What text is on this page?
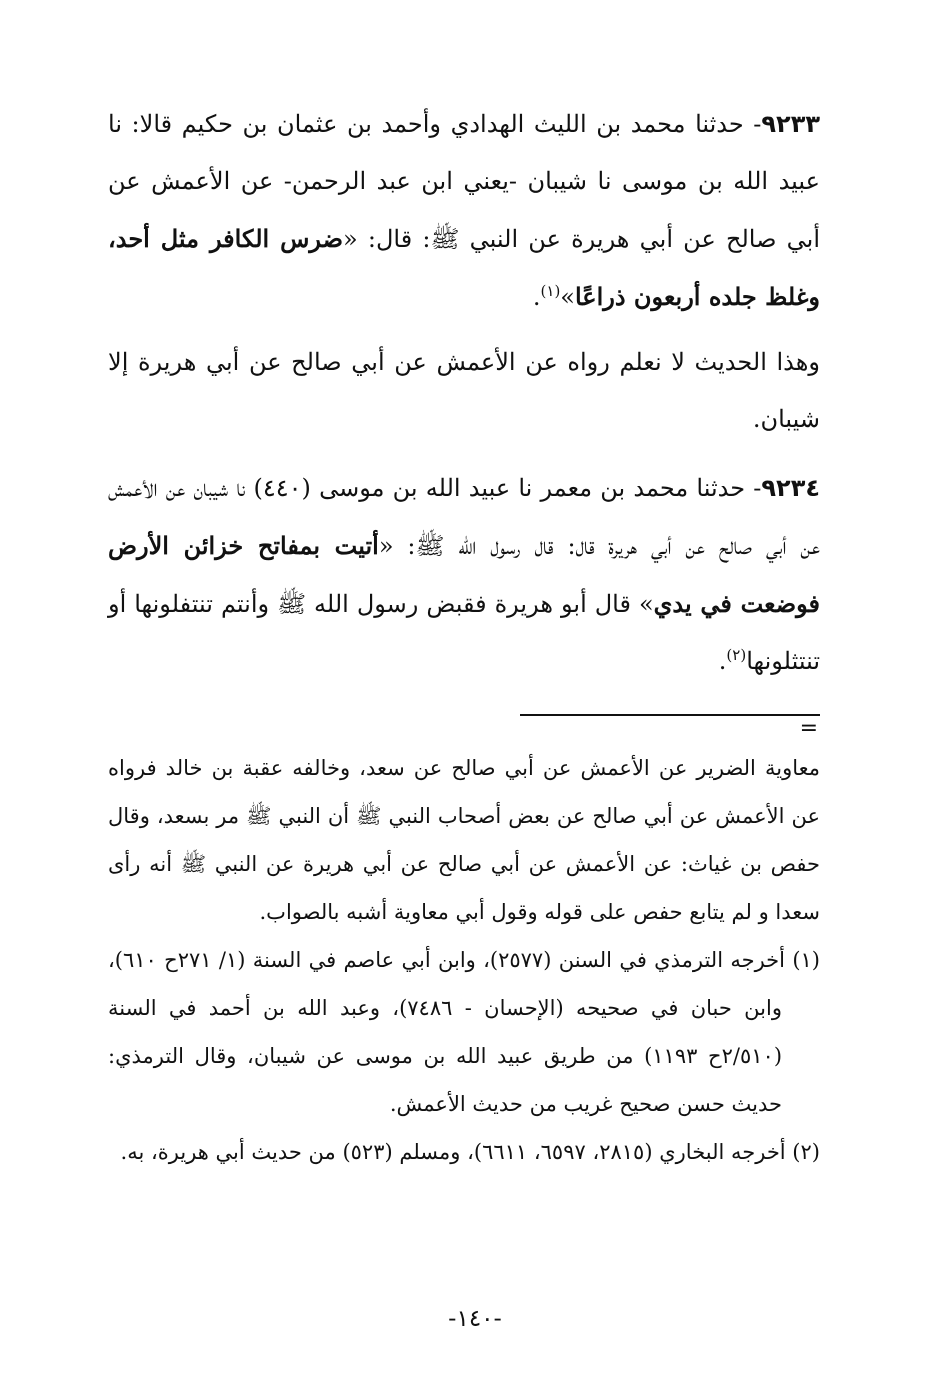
٩٢٣٣- حدثنا محمد بن الليث الهدادي وأحمد بن عثمان بن حكيم قالا: نا عبيد الله بن موسى نا شيبان -يعني ابن عبد الرحمن- عن الأعمش عن أبي صالح عن أبي هريرة عن النبي ﷺ: قال: «ضرس الكافر مثل أحد، وغلظ جلده أربعون ذراعًا»$^{(١)}$.

وهذا الحديث لا نعلم رواه عن الأعمش عن أبي صالح عن أبي هريرة إلا شيبان.

٩٢٣٤- حدثنا محمد بن معمر نا عبيد الله بن موسى (٤٤٠) نا شيبان عن الأعمش عن أبي صالح عن أبي هريرة قال: قال رسول الله ﷺ: «أتيت بمفاتح خزائن الأرض فوضعت في يدي» قال أبو هريرة فقبض رسول الله ﷺ وأنتم تنتفلونها أو تنتثلونها$^{(٢)}$.

=

معاوية الضرير عن الأعمش عن أبي صالح عن سعد، وخالفه عقبة بن خالد فرواه عن الأعمش عن أبي صالح عن بعض أصحاب النبي ﷺ أن النبي ﷺ مر بسعد، وقال حفص بن غياث: عن الأعمش عن أبي صالح عن أبي هريرة عن النبي ﷺ أنه رأى سعدا و لم يتابع حفص على قوله وقول أبي معاوية أشبه بالصواب.

(١) أخرجه الترمذي في السنن (٢٥٧٧)، وابن أبي عاصم في السنة (١/ ٢٧١ح ٦١٠)، وابن حبان في صحيحه (الإحسان - ٧٤٨٦)، وعبد الله بن أحمد في السنة (٢/٥١٠ح ١١٩٣) من طريق عبيد الله بن موسى عن شيبان، وقال الترمذي: حديث حسن صحيح غريب من حديث الأعمش.

(٢) أخرجه البخاري (٢٨١٥، ٦٥٩٧، ٦٦١١)، ومسلم (٥٢٣) من حديث أبي هريرة، به.

-١٤٠-
